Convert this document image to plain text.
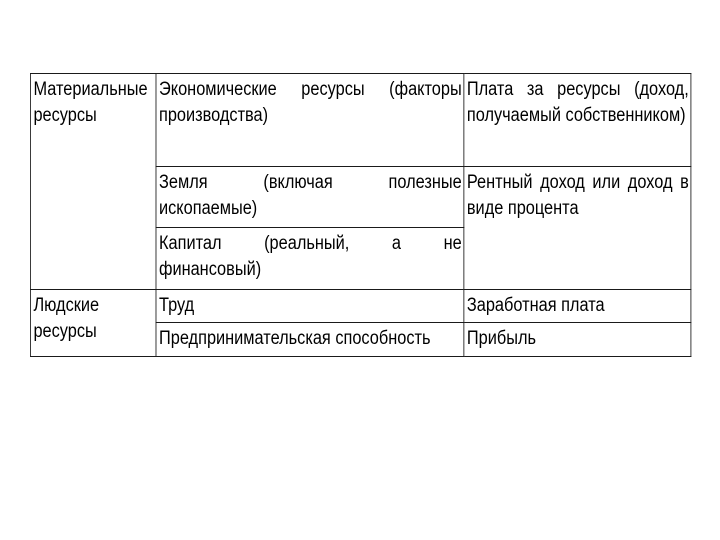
Материальные ресурсы	Экономические ресурсы (факторы производства)	Плата за ресурсы (доход, получаемый собственником)
	Земля (включая полезные ископаемые)	Рентный доход или доход в виде процента
	Капитал (реальный, а не финансовый)	
Людские ресурсы	Труд	Заработная плата
	Предпринимательская способность	Прибыль
